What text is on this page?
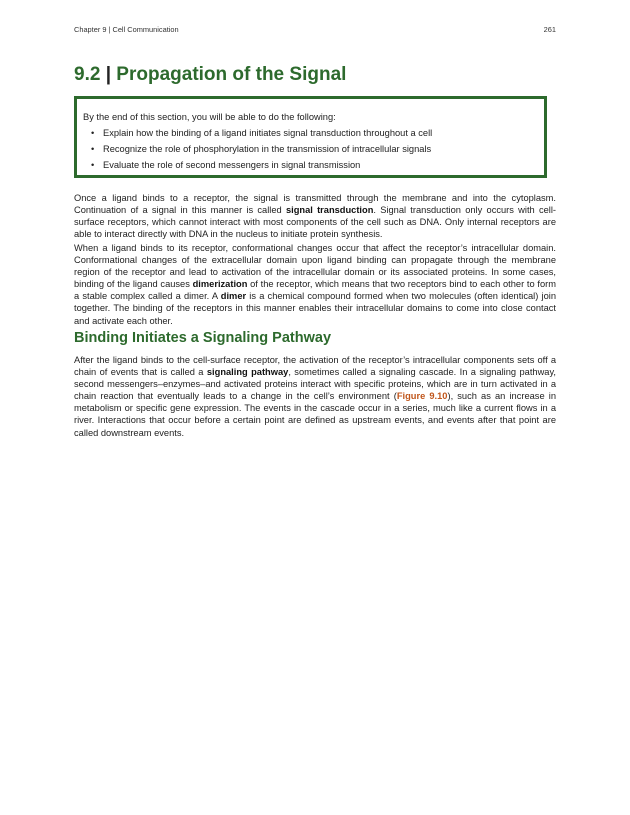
Chapter 9 | Cell Communication	261
9.2 | Propagation of the Signal

By the end of this section, you will be able to do the following:

• Explain how the binding of a ligand initiates signal transduction throughout a cell
• Recognize the role of phosphorylation in the transmission of intracellular signals
• Evaluate the role of second messengers in signal transmission

Once a ligand binds to a receptor, the signal is transmitted through the membrane and into the cytoplasm. Continuation of a signal in this manner is called signal transduction. Signal transduction only occurs with cell-surface receptors, which cannot interact with most components of the cell such as DNA. Only internal receptors are able to interact directly with DNA in the nucleus to initiate protein synthesis.

When a ligand binds to its receptor, conformational changes occur that affect the receptor’s intracellular domain. Conformational changes of the extracellular domain upon ligand binding can propagate through the membrane region of the receptor and lead to activation of the intracellular domain or its associated proteins. In some cases, binding of the ligand causes dimerization of the receptor, which means that two receptors bind to each other to form a stable complex called a dimer. A dimer is a chemical compound formed when two molecules (often identical) join together. The binding of the receptors in this manner enables their intracellular domains to come into close contact and activate each other.

Binding Initiates a Signaling Pathway

After the ligand binds to the cell-surface receptor, the activation of the receptor’s intracellular components sets off a chain of events that is called a signaling pathway, sometimes called a signaling cascade. In a signaling pathway, second messengers–enzymes–and activated proteins interact with specific proteins, which are in turn activated in a chain reaction that eventually leads to a change in the cell’s environment (Figure 9.10), such as an increase in metabolism or specific gene expression. The events in the cascade occur in a series, much like a current flows in a river. Interactions that occur before a certain point are defined as upstream events, and events after that point are called downstream events.
